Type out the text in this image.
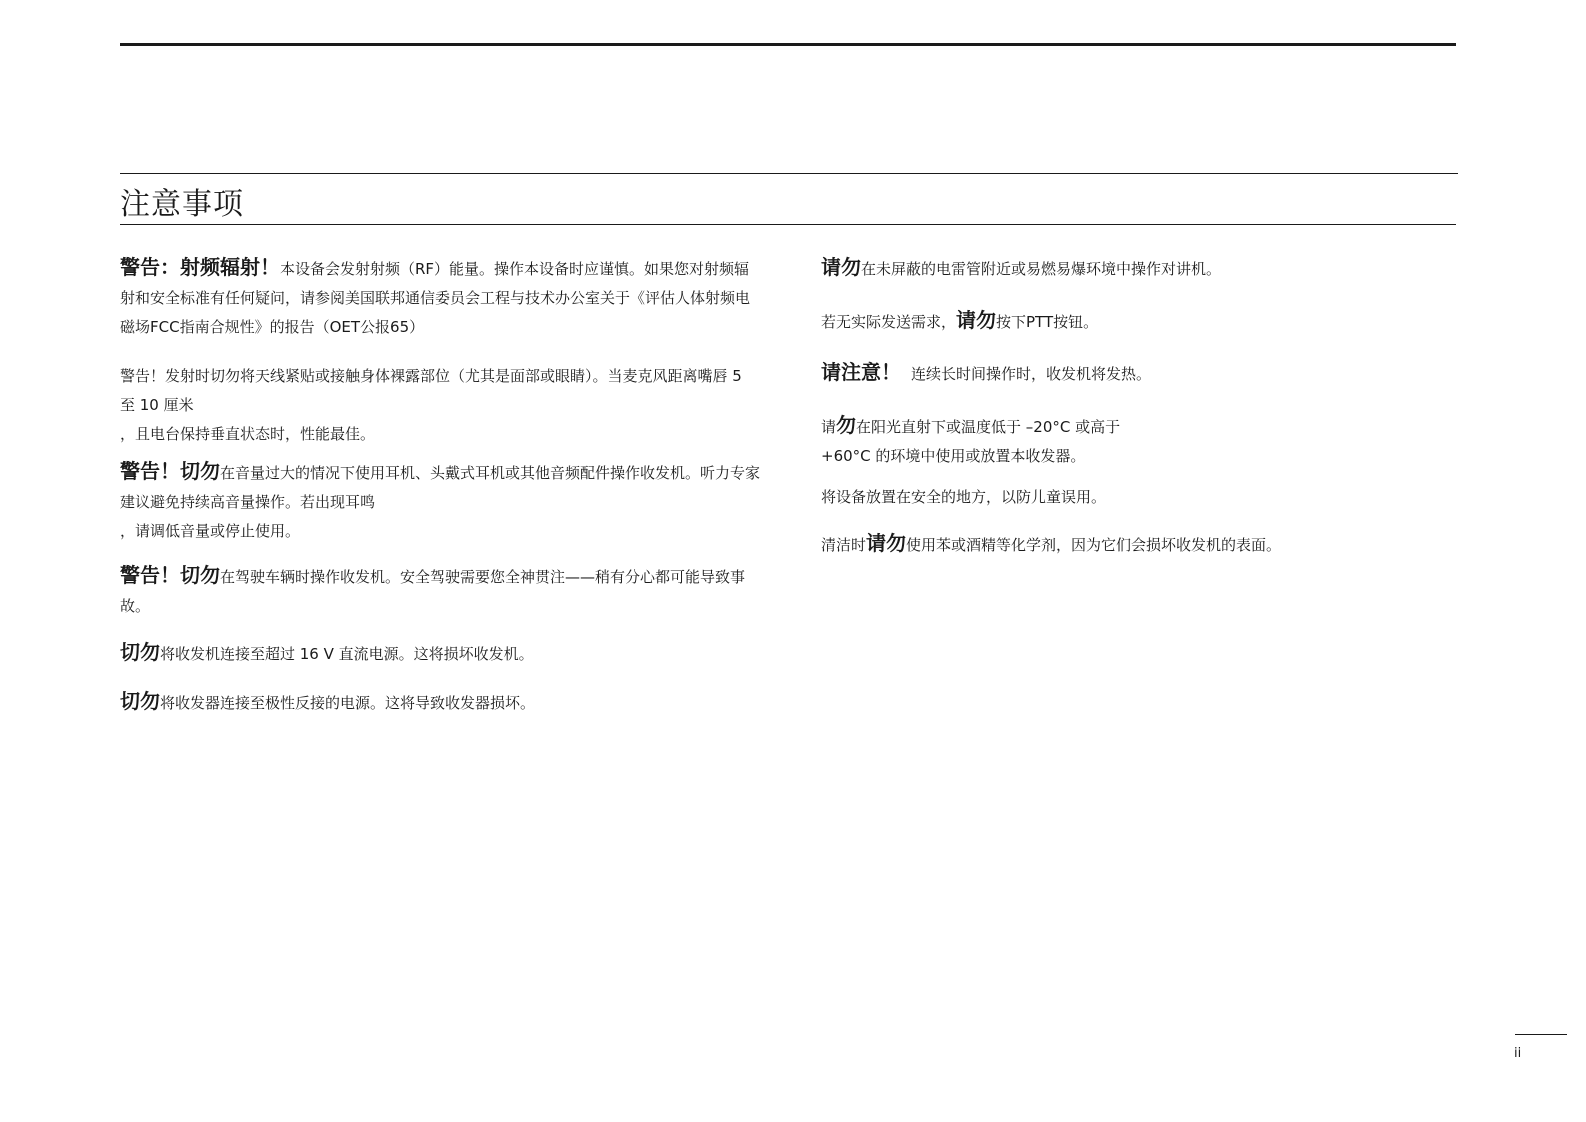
注意事项

警告：射频辐射！本设备会发射射频（RF）能量。操作本设备时应谨慎。如果您对射频辐射和安全标准有任何疑问，请参阅美国联邦通信委员会工程与技术办公室关于《评估人体射频电磁场FCC指南合规性》的报告（OET公报65）

警告！发射时切勿将天线紧贴或接触身体裸露部位（尤其是面部或眼睛）。当麦克风距离嘴唇 5 至 10 厘米
，且电台保持垂直状态时，性能最佳。

警告！切勿在音量过大的情况下使用耳机、头戴式耳机或其他音频配件操作收发机。听力专家建议避免持续高音量操作。若出现耳鸣
，请调低音量或停止使用。

警告！切勿在驾驶车辆时操作收发机。安全驾驶需要您全神贯注——稍有分心都可能导致事故。

切勿将收发机连接至超过 16 V 直流电源。这将损坏收发机。

切勿将收发器连接至极性反接的电源。这将导致收发器损坏。

请勿在未屏蔽的电雷管附近或易燃易爆环境中操作对讲机。

若无实际发送需求，请勿按下PTT按钮。

请注意！ 连续长时间操作时，收发机将发热。

请勿在阳光直射下或温度低于 –20°C 或高于
+60°C 的环境中使用或放置本收发器。

将设备放置在安全的地方，以防儿童误用。

清洁时请勿使用苯或酒精等化学剂，因为它们会损坏收发机的表面。

ii
